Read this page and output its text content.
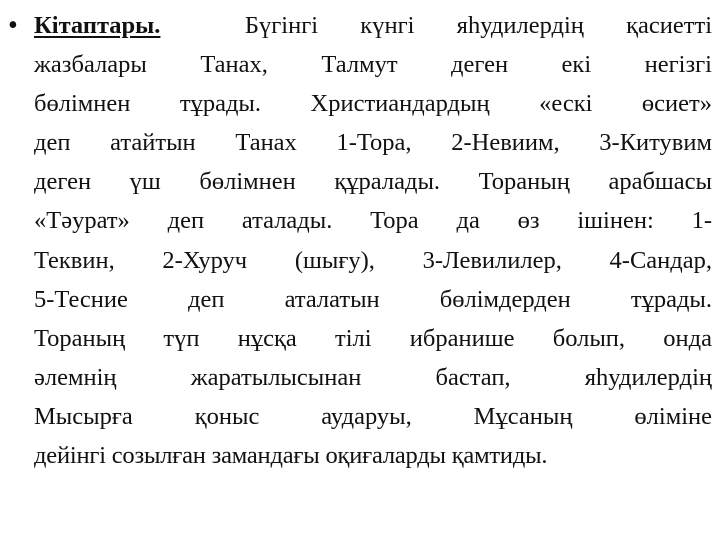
• Кітаптары.	Бүгінгі күнгі яһудилердің қасиетті
жазбалары Танах, Талмут деген екі негізгі
бөлімнен тұрады. Христиандардың «ескі өсиет»
деп атайтын Танах 1-Тора, 2-Невиим, 3-Китувим
деген үш бөлімнен құралады. Тораның арабшасы
«Тәурат» деп аталады. Тора да өз ішінен: 1-
Теквин, 2-Хуруч (шығу), 3-Левилилер, 4-Сандар,
5-Тесние деп аталатын бөлімдерден тұрады.
Тораның түп нұсқа тілі ибранише болып, онда
әлемнің жаратылысынан бастап, яһудилердің
Мысырға қоныс аударуы, Мұсаның өліміне
дейінгі созылған замандағы оқиғаларды қамтиды.
